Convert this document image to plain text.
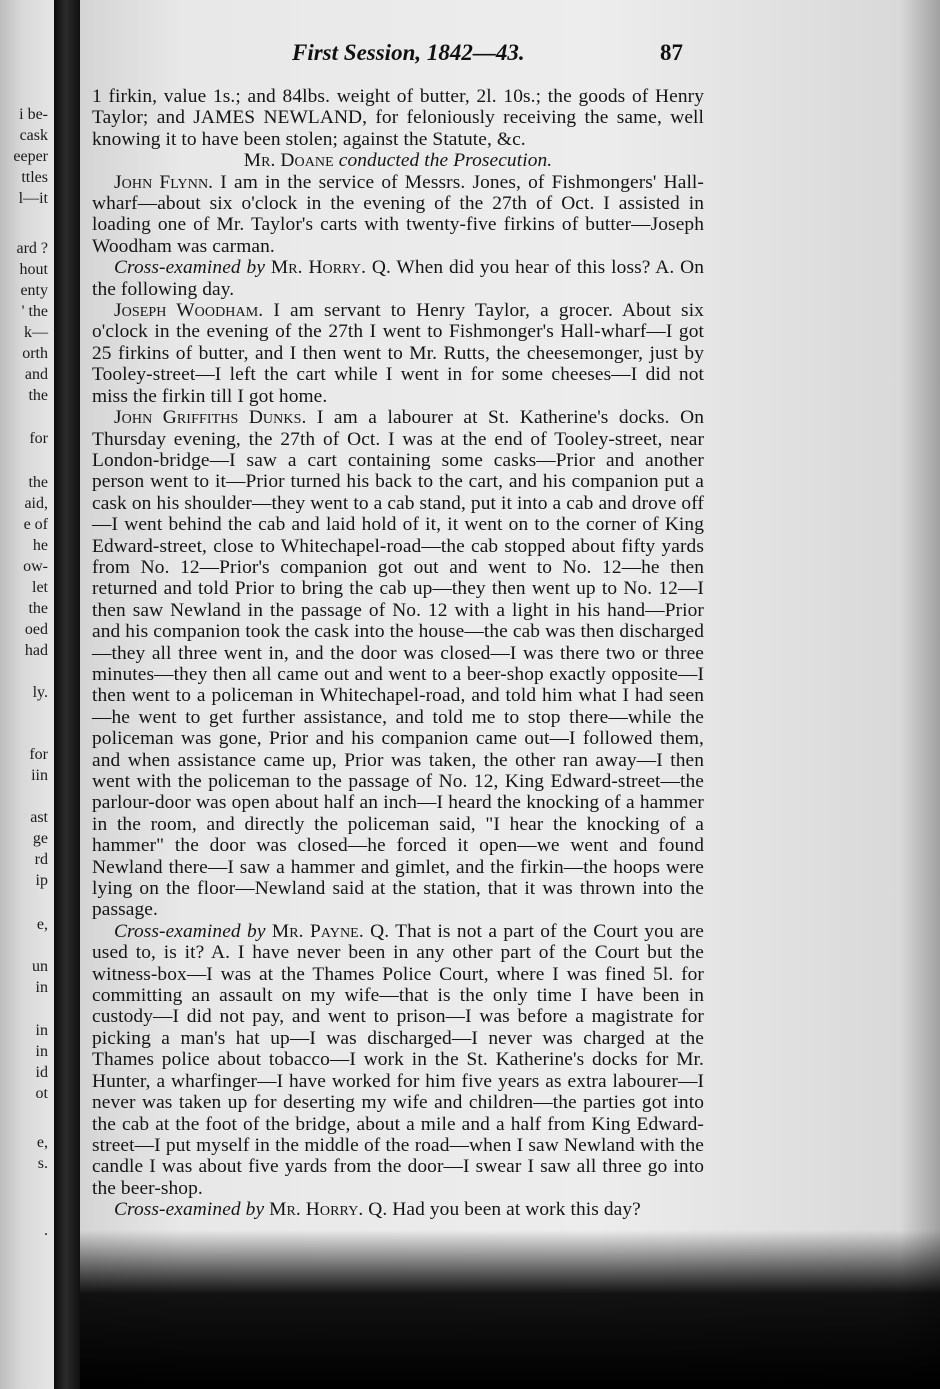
i be-
cask
eeper
ttles
l—it
ard ?
hout
enty
' the
k—
orth
and
the
for
the
aid,
e of
he
ow-
let
the
oed
had
ly.
for
iin
ast
ge
rd
ip
e,
un
in
in
in
id
ot
e,
s.
.
First Session, 1842—43.	87

1 firkin, value 1s.; and 84lbs. weight of butter, 2l. 10s.; the goods of Henry Taylor; and JAMES NEWLAND, for feloniously receiving the same, well knowing it to have been stolen; against the Statute, &c.

Mr. Doane conducted the Prosecution.

John Flynn. I am in the service of Messrs. Jones, of Fishmongers' Hall-wharf—about six o'clock in the evening of the 27th of Oct. I assisted in loading one of Mr. Taylor's carts with twenty-five firkins of butter—Joseph Woodham was carman.

Cross-examined by Mr. Horry. Q. When did you hear of this loss? A. On the following day.

Joseph Woodham. I am servant to Henry Taylor, a grocer. About six o'clock in the evening of the 27th I went to Fishmonger's Hall-wharf—I got 25 firkins of butter, and I then went to Mr. Rutts, the cheesemonger, just by Tooley-street—I left the cart while I went in for some cheeses—I did not miss the firkin till I got home.

John Griffiths Dunks. I am a labourer at St. Katherine's docks. On Thursday evening, the 27th of Oct. I was at the end of Tooley-street, near London-bridge—I saw a cart containing some casks—Prior and another person went to it—Prior turned his back to the cart, and his companion put a cask on his shoulder—they went to a cab stand, put it into a cab and drove off—I went behind the cab and laid hold of it, it went on to the corner of King Edward-street, close to Whitechapel-road—the cab stopped about fifty yards from No. 12—Prior's companion got out and went to No. 12—he then returned and told Prior to bring the cab up—they then went up to No. 12—I then saw Newland in the passage of No. 12 with a light in his hand—Prior and his companion took the cask into the house—the cab was then discharged—they all three went in, and the door was closed—I was there two or three minutes—they then all came out and went to a beer-shop exactly opposite—I then went to a policeman in Whitechapel-road, and told him what I had seen—he went to get further assistance, and told me to stop there—while the policeman was gone, Prior and his companion came out—I followed them, and when assistance came up, Prior was taken, the other ran away—I then went with the policeman to the passage of No. 12, King Edward-street—the parlour-door was open about half an inch—I heard the knocking of a hammer in the room, and directly the policeman said, "I hear the knocking of a hammer" the door was closed—he forced it open—we went and found Newland there—I saw a hammer and gimlet, and the firkin—the hoops were lying on the floor—Newland said at the station, that it was thrown into the passage.

Cross-examined by Mr. Payne. Q. That is not a part of the Court you are used to, is it? A. I have never been in any other part of the Court but the witness-box—I was at the Thames Police Court, where I was fined 5l. for committing an assault on my wife—that is the only time I have been in custody—I did not pay, and went to prison—I was before a magistrate for picking a man's hat up—I was discharged—I never was charged at the Thames police about tobacco—I work in the St. Katherine's docks for Mr. Hunter, a wharfinger—I have worked for him five years as extra labourer—I never was taken up for deserting my wife and children—the parties got into the cab at the foot of the bridge, about a mile and a half from King Edward-street—I put myself in the middle of the road—when I saw Newland with the candle I was about five yards from the door—I swear I saw all three go into the beer-shop.

Cross-examined by Mr. Horry. Q. Had you been at work this day?
